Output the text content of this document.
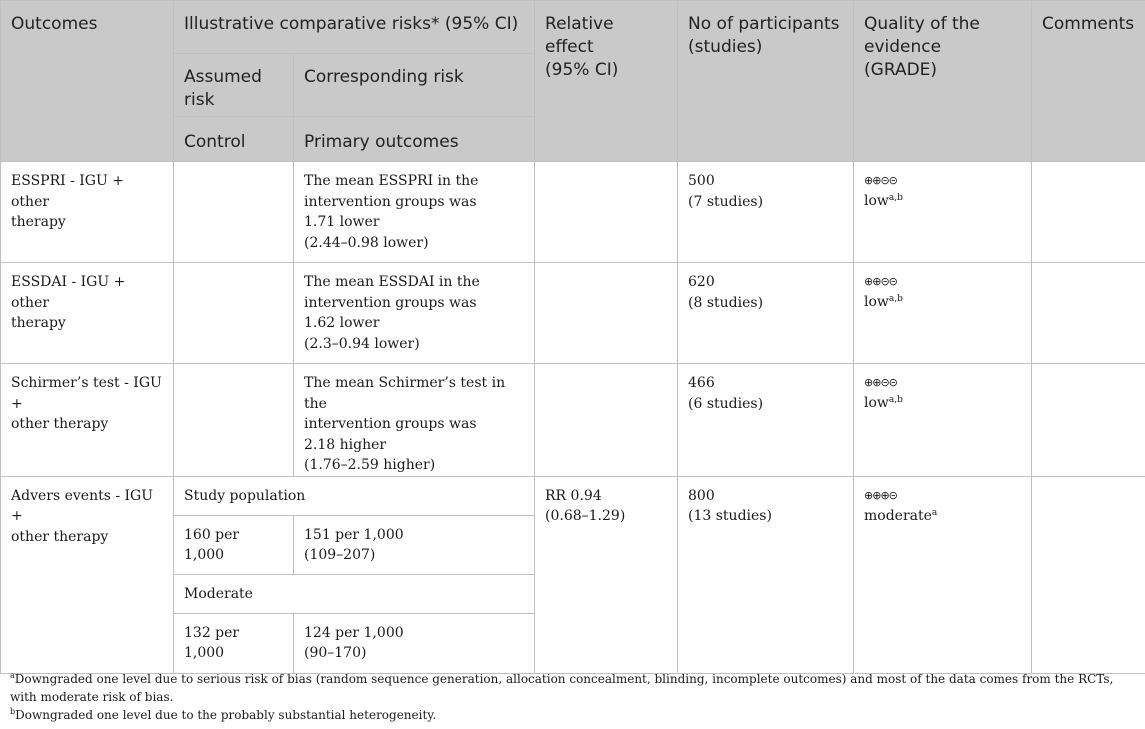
Outcomes	Illustrative comparative risks* (95% CI)		Relative
effect
(95% CI)	No of participants
(studies)	Quality of the
evidence
(GRADE)	Comments

	Assumed
risk	Corresponding risk				
	Control	Primary outcomes				

ESSPRI - IGU + other
therapy		The mean ESSPRI in the
intervention groups was
1.71 lower
(2.44–0.98 lower)		500
(7 studies)	⊕⊕⊝⊝
low$^{a,b}$

ESSDAI - IGU + other
therapy		The mean ESSDAI in the
intervention groups was
1.62 lower
(2.3–0.94 lower)		620
(8 studies)	⊕⊕⊝⊝
low$^{a,b}$

Schirmer’s test - IGU +
other therapy		The mean Schirmer’s test in the
intervention groups was
2.18 higher
(1.76–2.59 higher)		466
(6 studies)	⊕⊕⊝⊝
low$^{a,b}$

Advers events - IGU +
other therapy	Study population		RR 0.94
(0.68–1.29)	800
(13 studies)	⊕⊕⊕⊝
moderate$^a$

	160 per
1,000	151 per 1,000
(109–207)				

	Moderate					

	132 per
1,000	124 per 1,000
(90–170)				

$^a$Downgraded one level due to serious risk of bias (random sequence generation, allocation concealment, blinding, incomplete outcomes) and most of the data comes from the RCTs, with moderate risk of bias.

$^b$Downgraded one level due to the probably substantial heterogeneity.
